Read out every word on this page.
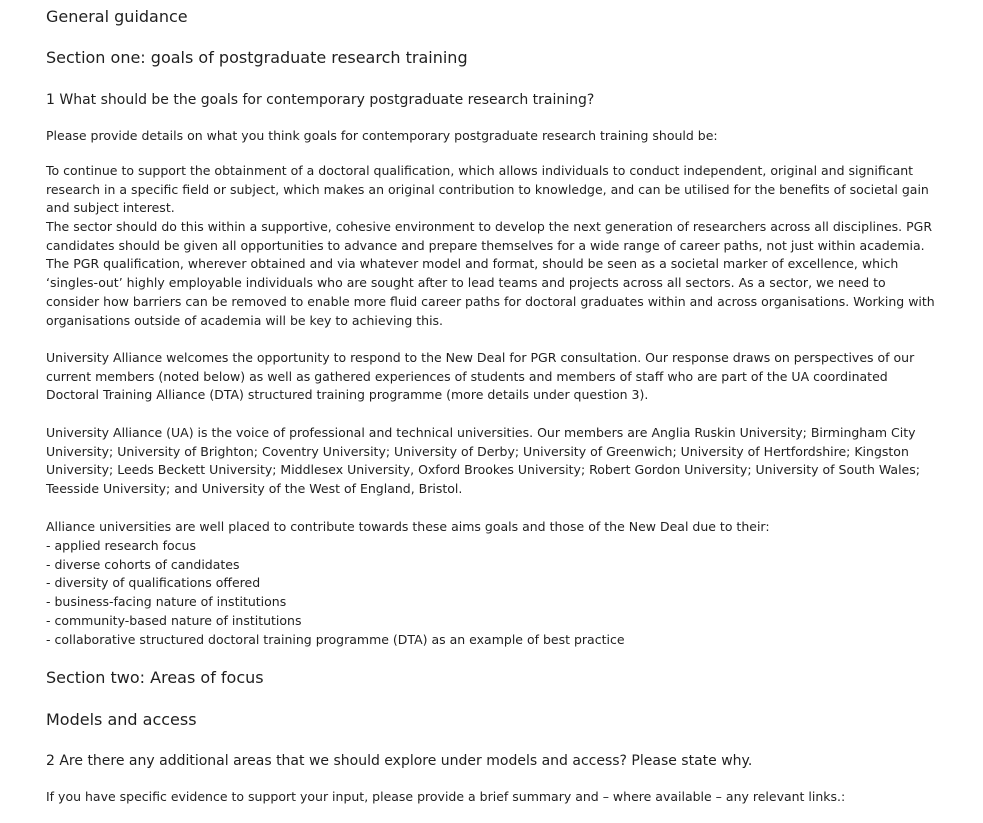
General guidance
Section one: goals of postgraduate research training
1 What should be the goals for contemporary postgraduate research training?
Please provide details on what you think goals for contemporary postgraduate research training should be:

To continue to support the obtainment of a doctoral qualification, which allows individuals to conduct independent, original and significant research in a specific field or subject, which makes an original contribution to knowledge, and can be utilised for the benefits of societal gain and subject interest.

The sector should do this within a supportive, cohesive environment to develop the next generation of researchers across all disciplines. PGR candidates should be given all opportunities to advance and prepare themselves for a wide range of career paths, not just within academia. The PGR qualification, wherever obtained and via whatever model and format, should be seen as a societal marker of excellence, which ‘singles-out’ highly employable individuals who are sought after to lead teams and projects across all sectors. As a sector, we need to consider how barriers can be removed to enable more fluid career paths for doctoral graduates within and across organisations. Working with organisations outside of academia will be key to achieving this.

University Alliance welcomes the opportunity to respond to the New Deal for PGR consultation. Our response draws on perspectives of our current members (noted below) as well as gathered experiences of students and members of staff who are part of the UA coordinated Doctoral Training Alliance (DTA) structured training programme (more details under question 3).

University Alliance (UA) is the voice of professional and technical universities. Our members are Anglia Ruskin University; Birmingham City University; University of Brighton; Coventry University; University of Derby; University of Greenwich; University of Hertfordshire; Kingston University; Leeds Beckett University; Middlesex University, Oxford Brookes University; Robert Gordon University; University of South Wales; Teesside University; and University of the West of England, Bristol.

Alliance universities are well placed to contribute towards these aims goals and those of the New Deal due to their:

- applied research focus
- diverse cohorts of candidates
- diversity of qualifications offered
- business-facing nature of institutions
- community-based nature of institutions
- collaborative structured doctoral training programme (DTA) as an example of best practice
Section two: Areas of focus
Models and access
2 Are there any additional areas that we should explore under models and access? Please state why.
If you have specific evidence to support your input, please provide a brief summary and – where available – any relevant links.:
